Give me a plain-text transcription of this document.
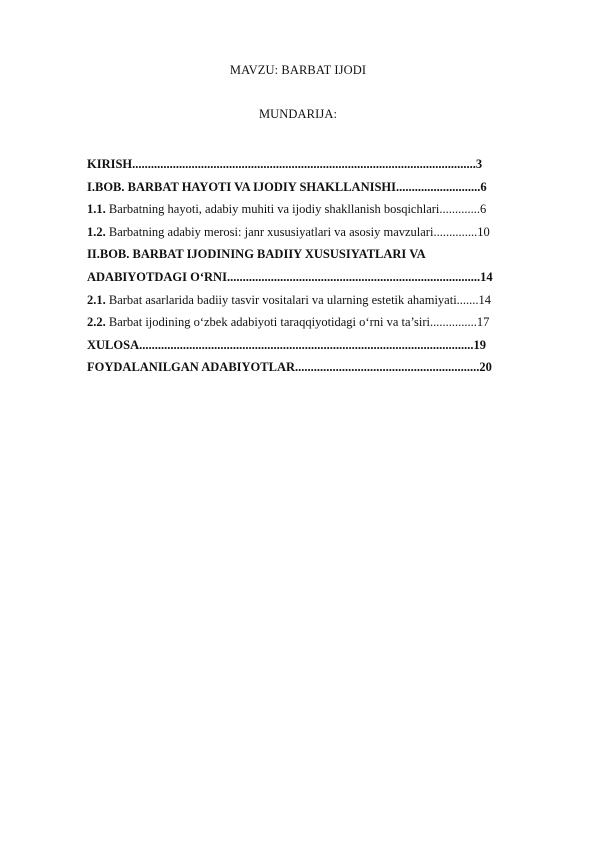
MAVZU: BARBAT IJODI
MUNDARIJA:
KIRISH..............................................................................................................3
I.BOB. BARBAT HAYOTI VA IJODIY SHAKLLANISHI...........................6
1.1. Barbatning hayoti, adabiy muhiti va ijodiy shakllanish bosqichlari.............6
1.2. Barbatning adabiy merosi: janr xususiyatlari va asosiy mavzulari..............10
II.BOB. BARBAT IJODINING BADIIY XUSUSIYATLARI VA
ADABIYOTDAGI O‘RNI.................................................................................14
2.1. Barbat asarlarida badiiy tasvir vositalari va ularning estetik ahamiyati.......14
2.2. Barbat ijodining o‘zbek adabiyoti taraqqiyotidagi o‘rni va ta’siri...............17
XULOSA...........................................................................................................19
FOYDALANILGAN ADABIYOTLAR...........................................................20
